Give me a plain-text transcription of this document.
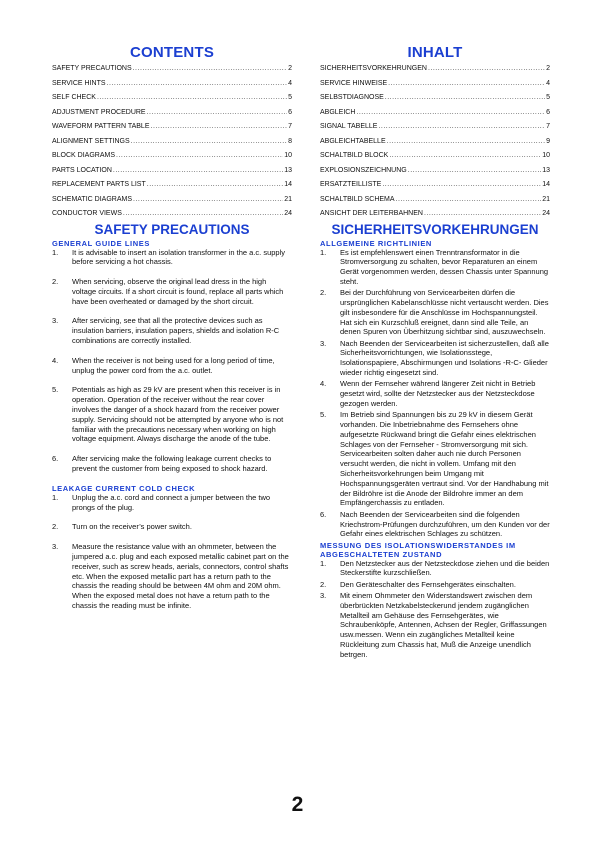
CONTENTS
SAFETY PRECAUTIONS .....	2
SERVICE HINTS .....	4
SELF CHECK .....	5
ADJUSTMENT PROCEDURE .....	6
WAVEFORM PATTERN TABLE .....	7
ALIGNMENT SETTINGS .....	8
BLOCK DIAGRAMS .....	10
PARTS LOCATION .....	13
REPLACEMENT PARTS LIST .....	14
SCHEMATIC DIAGRAMS .....	21
CONDUCTOR VIEWS .....	24
SAFETY PRECAUTIONS
GENERAL GUIDE LINES
1.	It is advisable to insert an isolation transformer in the a.c. supply before servicing a hot chassis.
2.	When servicing, observe the original lead dress in the high voltage circuits. If a short circuit is found, replace all parts which have been overheated or damaged by the short circuit.
3.	After servicing, see that all the protective devices such as insulation barriers, insulation papers, shields and isolation R-C combinations are correctly installed.
4.	When the receiver is not being used for a long period of time, unplug the power cord from the a.c. outlet.
5.	Potentials as high as 29 kV are present when this receiver is in operation. Operation of the receiver without the rear cover involves the danger of a shock hazard from the receiver power supply. Servicing should not be attempted by anyone who is not familiar with the precautions necessary when working on high voltage equipment. Always discharge the anode of the tube.
6.	After servicing make the following leakage current checks to prevent the customer from being exposed to shock hazard.
LEAKAGE CURRENT COLD CHECK
1.	Unplug the a.c. cord and connect a jumper between the two prongs of the plug.
2.	Turn on the receiver’s power switch.
3.	Measure the resistance value with an ohmmeter, between the jumpered a.c. plug and each exposed metallic cabinet part on the receiver, such as screw heads, aerials, connectors, control shafts etc. When the exposed metallic part has a return path to the chassis the reading should be between 4M ohm and 20M ohm. When the exposed metal does not have a return path to the chassis the reading must be infinite.
INHALT
SICHERHEITSVORKEHRUNGEN .....	2
SERVICE HINWEISE .....	4
SELBSTDIAGNOSE .....	5
ABGLEICH .....	6
SIGNAL TABELLE .....	7
ABGLEICHTABELLE .....	9
SCHALTBILD BLOCK .....	10
EXPLOSIONSZEICHNUNG .....	13
ERSATZTEILLISTE .....	14
SCHALTBILD SCHEMA .....	21
ANSICHT DER LEITERBAHNEN .....	24
SICHERHEITSVORKEHRUNGEN
ALLGEMEINE RICHTLINIEN
1.	Es ist empfehlenswert einen Trenntransformator in die Stromversorgung zu schalten, bevor Reparaturen an einem Gerät vorgenommen werden, dessen Chassis unter Spannung steht.
2.	Bei der Durchführung von Servicearbeiten dürfen die ursprünglichen Kabelanschlüsse nicht vertauscht werden. Dies gilt insbesondere für die Anschlüsse im Hochspannungsteil. Hat sich ein Kurzschluß ereignet, dann sind alle Teile, an denen Spuren von Überhitzung sichtbar sind, auszuwechseln.
3.	Nach Beenden der Servicearbeiten ist sicherzustellen, daß alle Sicherheitsvorrichtungen, wie Isolationsstege, Isolationspapiere, Abschirmungen und Isolations -R-C- Glieder wieder richtig eingesetzt sind.
4.	Wenn der Fernseher während längerer Zeit nicht in Betrieb gesetzt wird, sollte der Netzstecker aus der Netzsteckdose gezogen werden.
5.	Im Betrieb sind Spannungen bis zu 29 kV in diesem Gerät vorhanden. Die Inbetriebnahme des Fernsehers ohne aufgesetzte Rückwand bringt die Gefahr eines elektrischen Schlages von der Fernseher - Stromversorgung mit sich. Servicearbeiten solten daher auch nie durch Personen versucht werden, die nicht in vollem. Umfang mit den Sicherheitsvorkehrungen beim Umgang mit Hochspannungsgeräten vertraut sind. Vor der Handhabung mit der Bildröhre ist die Anode der Bildrohre immer an dem Empfängerchassis zu entladen.
6.	Nach Beenden der Servicearbeiten sind die folgenden Kriechstrom-Prüfungen durchzuführen, um den Kunden vor der Gefahr eines elektrischen Schlages zu schützen.
MESSUNG DES ISOLATIONSWIDERSTANDES IM ABGESCHALTETEN ZUSTAND
1.	Den Netzstecker aus der Netzsteckdose ziehen und die beiden Steckerstifte kurzschließen.
2.	Den Geräteschalter des Fernsehgerätes einschalten.
3.	Mit einem Ohmmeter den Widerstandswert zwischen dem überbrückten Netzkabelsteckerund jendem zugänglichen Metallteil am Gehäuse des Fernsehgerätes, wie Schraubenköpfe, Antennen, Achsen der Regler, Griffassungen usw.messen. Wenn ein zugängliches Metallteil keine Rückleitung zum Chassis hat, Muß die Anzeige unendlich betrgen.
2
